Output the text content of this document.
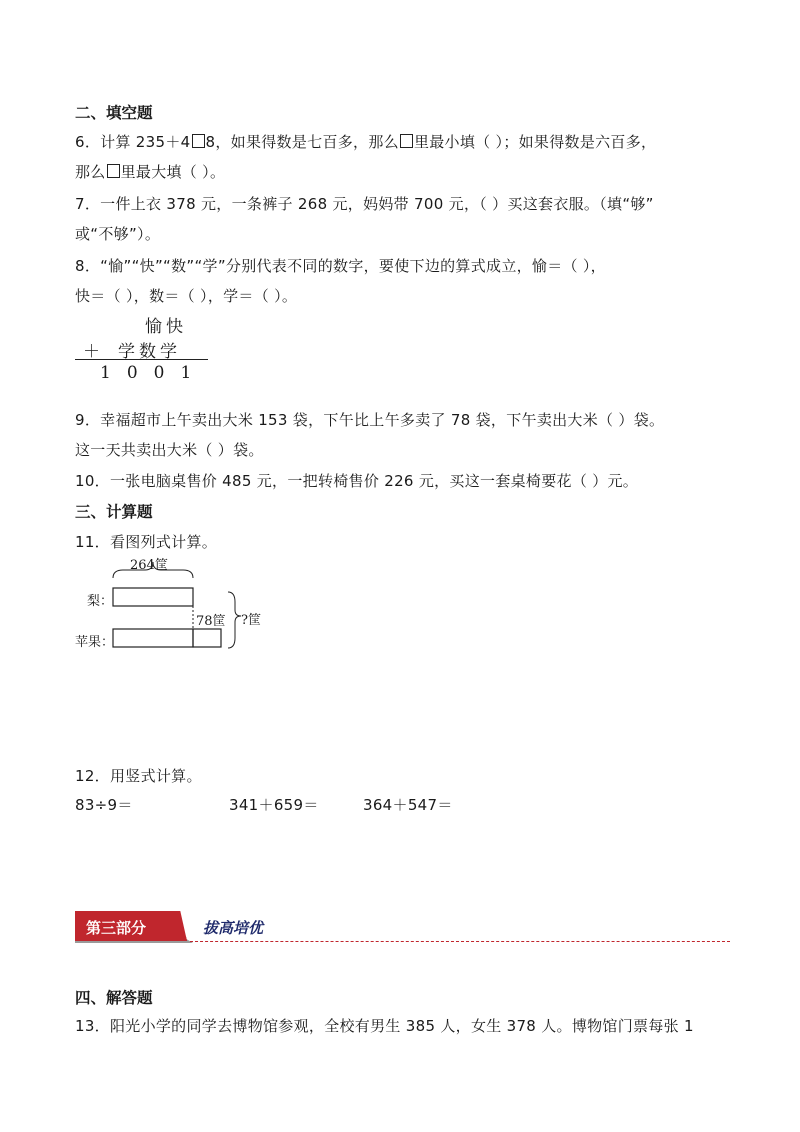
二、填空题
6．计算 235＋4 8，如果得数是七百多，那么 里最小填（ ）；如果得数是六百多，
那么 里最大填（ ）。
7．一件上衣 378 元，一条裤子 268 元，妈妈带 700 元，（ ）买这套衣服。（填“够”
或“不够”）。
8．“愉”“快”“数”“学”分别代表不同的数字，要使下边的算式成立，愉＝（ ），
快＝（ ），数＝（ ），学＝（ ）。
愉快
＋ 学数学
1001
9．幸福超市上午卖出大米 153 袋，下午比上午多卖了 78 袋，下午卖出大米（ ）袋。
这一天共卖出大米（ ）袋。
10．一张电脑桌售价 485 元，一把转椅售价 226 元，买这一套桌椅要花（ ）元。
三、计算题
11．看图列式计算。
264筐
梨：
苹果：
78筐 ?筐
12．用竖式计算。
83÷9＝	341＋659＝	364＋547＝
第三部分	拔高培优
四、解答题
13．阳光小学的同学去博物馆参观，全校有男生 385 人，女生 378 人。博物馆门票每张 1
